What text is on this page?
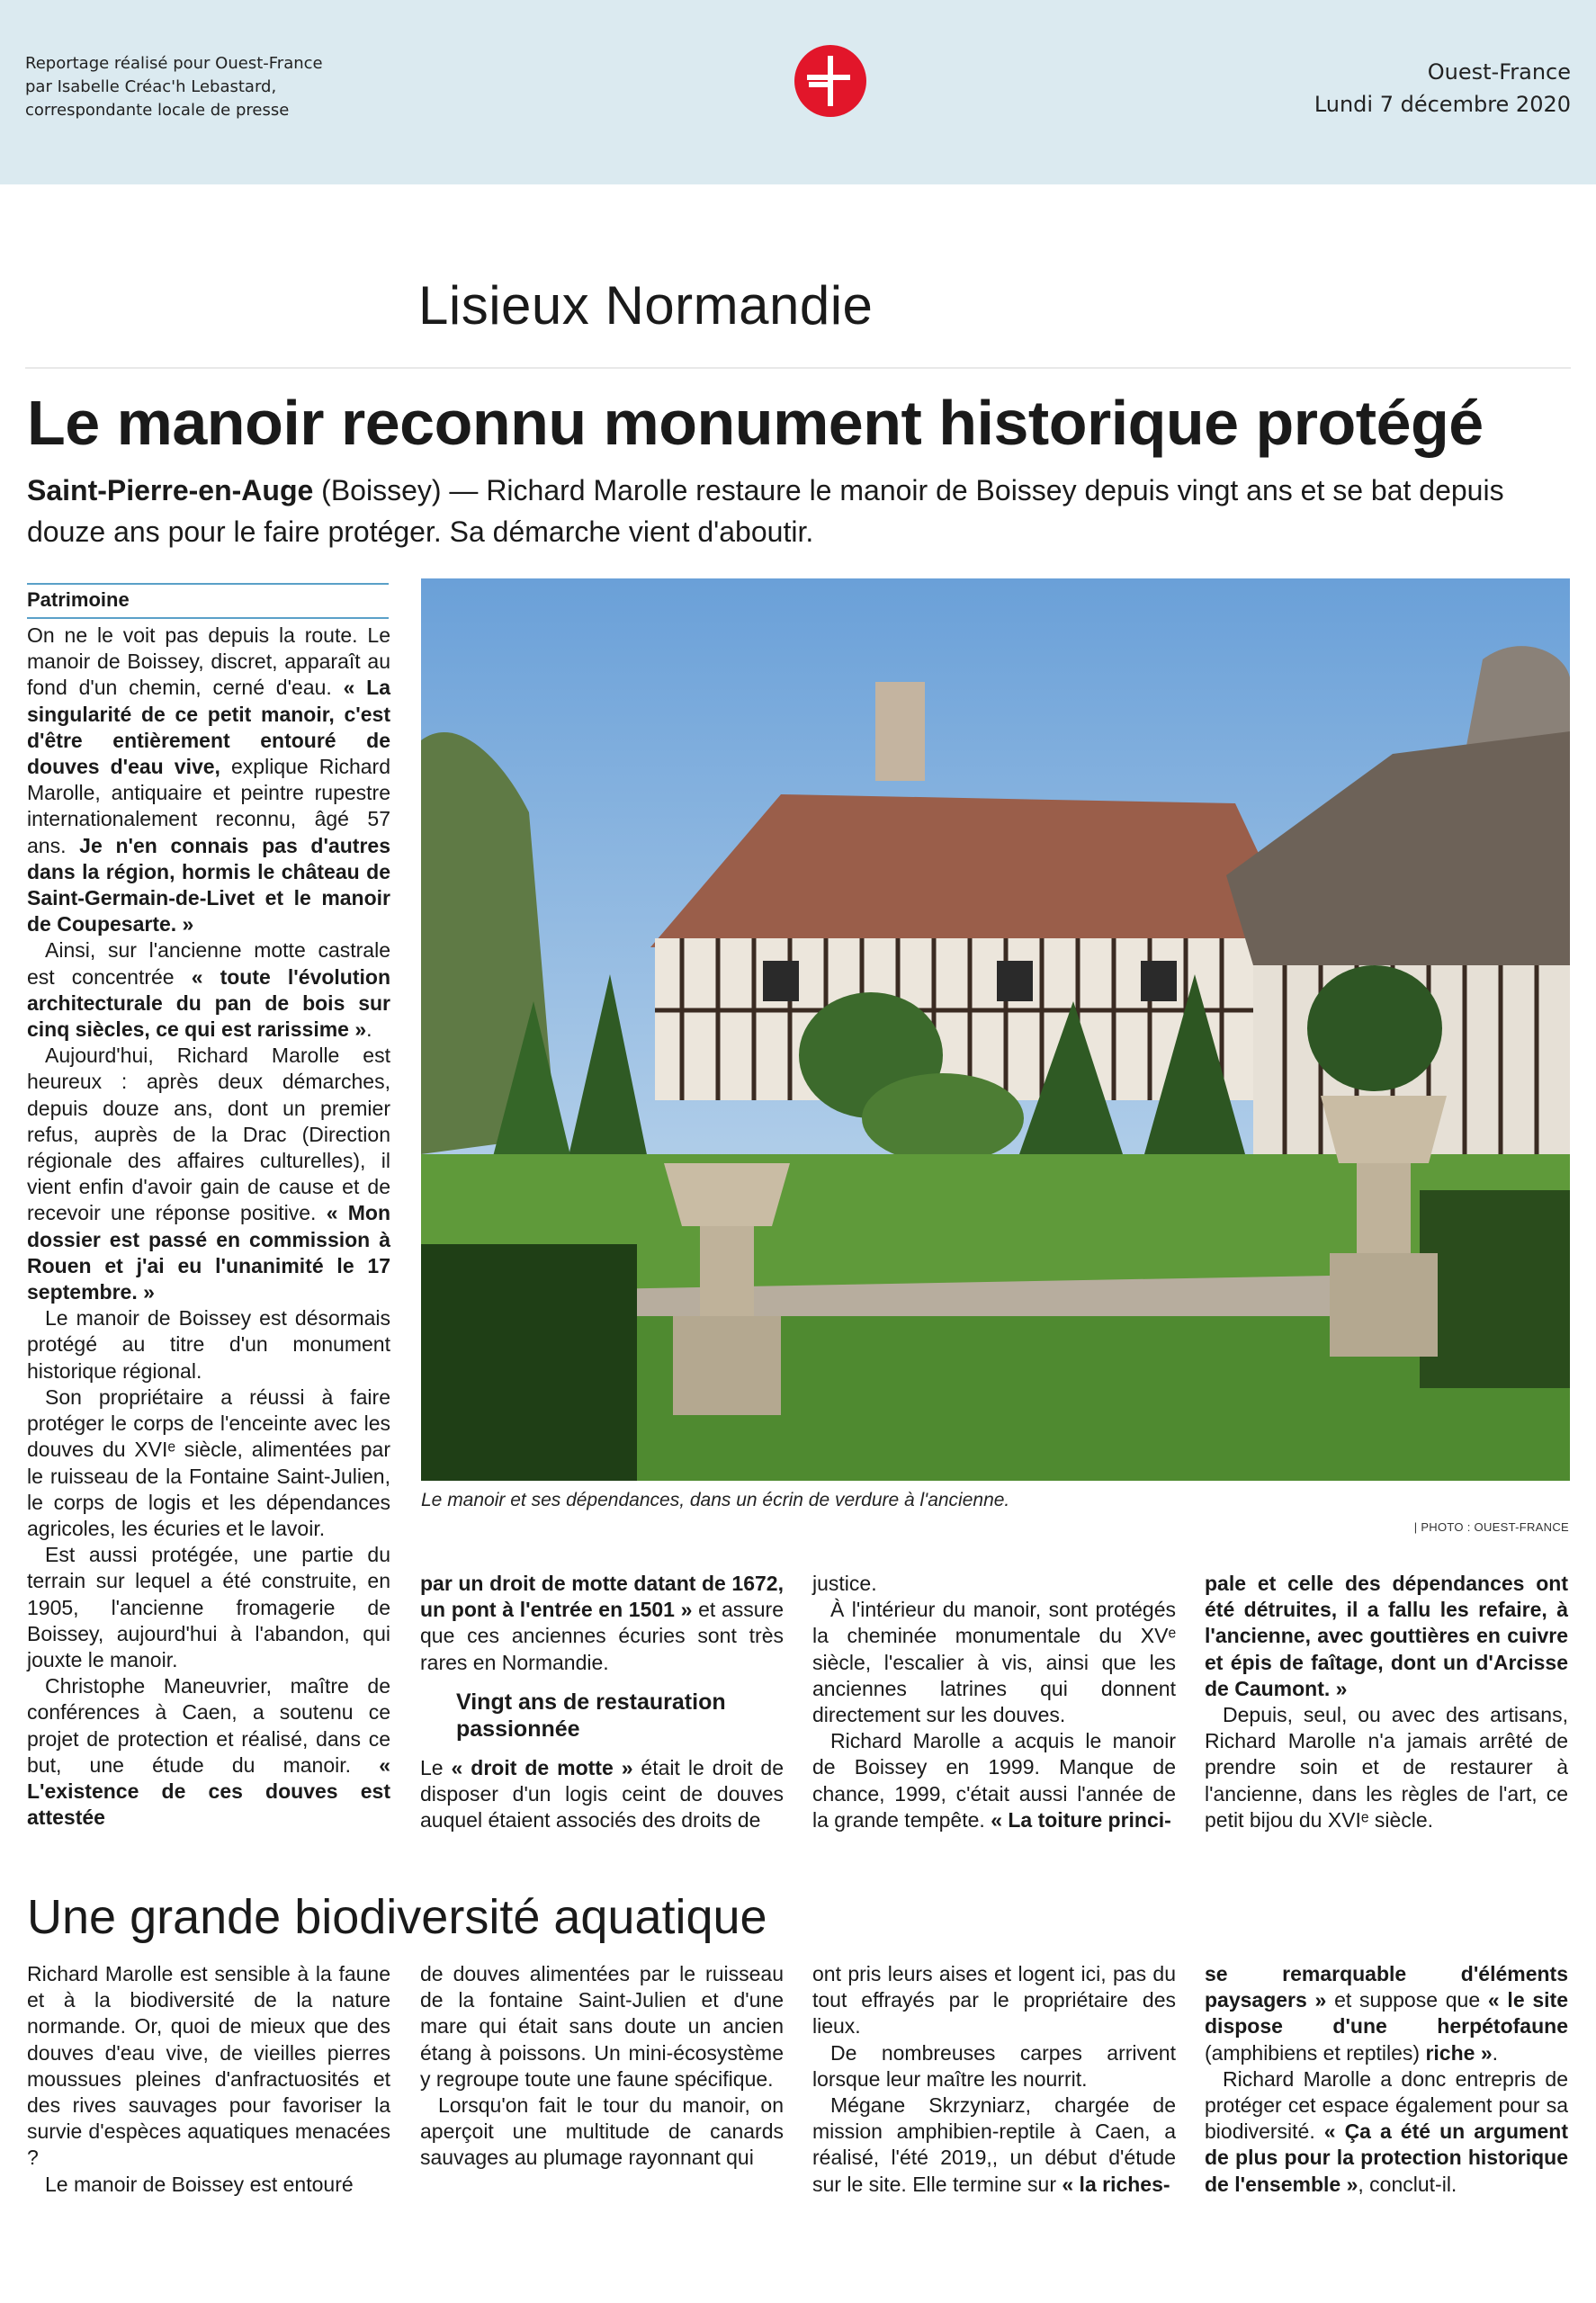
Reportage réalisé pour Ouest-France
par Isabelle Créac'h Lebastard,
correspondante locale de presse
Ouest-France
Lundi 7 décembre 2020
Lisieux Normandie
Le manoir reconnu monument historique protégé
Saint-Pierre-en-Auge (Boissey) — Richard Marolle restaure le manoir de Boissey depuis vingt ans et se bat depuis douze ans pour le faire protéger. Sa démarche vient d'aboutir.
Patrimoine

On ne le voit pas depuis la route. Le manoir de Boissey, discret, apparaît au fond d'un chemin, cerné d'eau. « La singularité de ce petit manoir, c'est d'être entièrement entouré de douves d'eau vive, explique Richard Marolle, antiquaire et peintre rupestre internationalement reconnu, âgé 57 ans. Je n'en connais pas d'autres dans la région, hormis le château de Saint-Germain-de-Livet et le manoir de Coupesarte. »

Ainsi, sur l'ancienne motte castrale est concentrée « toute l'évolution architecturale du pan de bois sur cinq siècles, ce qui est rarissime ».

Aujourd'hui, Richard Marolle est heureux : après deux démarches, depuis douze ans, dont un premier refus, auprès de la Drac (Direction régionale des affaires culturelles), il vient enfin d'avoir gain de cause et de recevoir une réponse positive. « Mon dossier est passé en commission à Rouen et j'ai eu l'unanimité le 17 septembre. »

Le manoir de Boissey est désormais protégé au titre d'un monument historique régional.

Son propriétaire a réussi à faire protéger le corps de l'enceinte avec les douves du XVIᵉ siècle, alimentées par le ruisseau de la Fontaine Saint-Julien, le corps de logis et les dépendances agricoles, les écuries et le lavoir.

Est aussi protégée, une partie du terrain sur lequel a été construite, en 1905, l'ancienne fromagerie de Boissey, aujourd'hui à l'abandon, qui jouxte le manoir.

Christophe Maneuvrier, maître de conférences à Caen, a soutenu ce projet de protection et réalisé, dans ce but, une étude du manoir. « L'existence de ces douves est attestée

Le manoir et ses dépendances, dans un écrin de verdure à l'ancienne.
| PHOTO : OUEST-FRANCE

par un droit de motte datant de 1672, un pont à l'entrée en 1501 » et assure que ces anciennes écuries sont très rares en Normandie.

Vingt ans de restauration passionnée

Le « droit de motte » était le droit de disposer d'un logis ceint de douves auquel étaient associés des droits de

justice.

À l'intérieur du manoir, sont protégés la cheminée monumentale du XVᵉ siècle, l'escalier à vis, ainsi que les anciennes latrines qui donnent directement sur les douves.

Richard Marolle a acquis le manoir de Boissey en 1999. Manque de chance, 1999, c'était aussi l'année de la grande tempête. « La toiture princi-

pale et celle des dépendances ont été détruites, il a fallu les refaire, à l'ancienne, avec gouttières en cuivre et épis de faîtage, dont un d'Arcisse de Caumont. »

Depuis, seul, ou avec des artisans, Richard Marolle n'a jamais arrêté de prendre soin et de restaurer à l'ancienne, dans les règles de l'art, ce petit bijou du XVIᵉ siècle.

Une grande biodiversité aquatique

Richard Marolle est sensible à la faune et à la biodiversité de la nature normande. Or, quoi de mieux que des douves d'eau vive, de vieilles pierres moussues pleines d'anfractuosités et des rives sauvages pour favoriser la survie d'espèces aquatiques menacées ?

Le manoir de Boissey est entouré

de douves alimentées par le ruisseau de la fontaine Saint-Julien et d'une mare qui était sans doute un ancien étang à poissons. Un mini-écosystème y regroupe toute une faune spécifique.

Lorsqu'on fait le tour du manoir, on aperçoit une multitude de canards sauvages au plumage rayonnant qui

ont pris leurs aises et logent ici, pas du tout effrayés par le propriétaire des lieux.

De nombreuses carpes arrivent lorsque leur maître les nourrit.

Mégane Skrzyniarz, chargée de mission amphibien-reptile à Caen, a réalisé, l'été 2019,, un début d'étude sur le site. Elle termine sur « la riches-

se remarquable d'éléments paysagers » et suppose que « le site dispose d'une herpétofaune (amphibiens et reptiles) riche ».

Richard Marolle a donc entrepris de protéger cet espace également pour sa biodiversité. « Ça a été un argument de plus pour la protection historique de l'ensemble », conclut-il.
